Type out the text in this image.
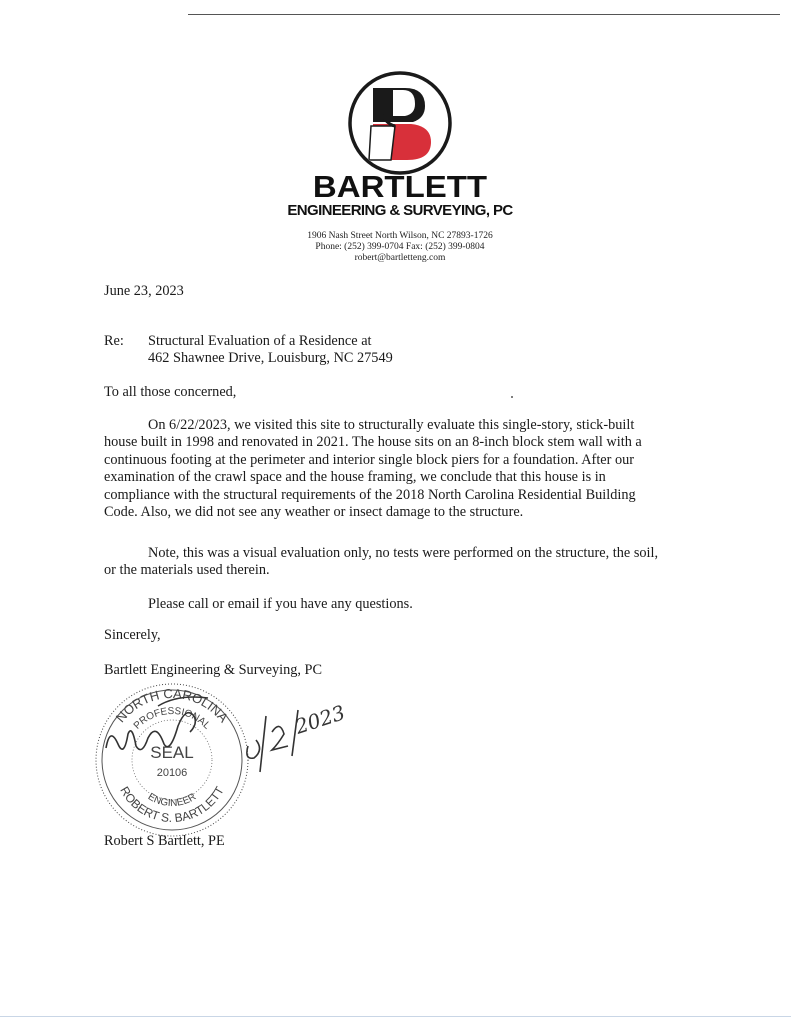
BARTLETT
ENGINEERING & SURVEYING, PC
1906 Nash Street North Wilson, NC 27893-1726
Phone: (252) 399-0704 Fax: (252) 399-0804
robert@bartletteng.com
June 23, 2023
Re: Structural Evaluation of a Residence at
462 Shawnee Drive, Louisburg, NC 27549
To all those concerned,
On 6/22/2023, we visited this site to structurally evaluate this single-story, stick-built
house built in 1998 and renovated in 2021. The house sits on an 8-inch block stem wall with a
continuous footing at the perimeter and interior single block piers for a foundation. After our
examination of the crawl space and the house framing, we conclude that this house is in
compliance with the structural requirements of the 2018 North Carolina Residential Building
Code. Also, we did not see any weather or insect damage to the structure.
Note, this was a visual evaluation only, no tests were performed on the structure, the soil,
or the materials used therein.
Please call or email if you have any questions.
Sincerely,
Bartlett Engineering & Surveying, PC
NORTH CAROLINA
PROFESSIONAL
SEAL
20106
ENGINEER
ROBERT S. BARTLETT
2023
Robert S Bartlett, PE
